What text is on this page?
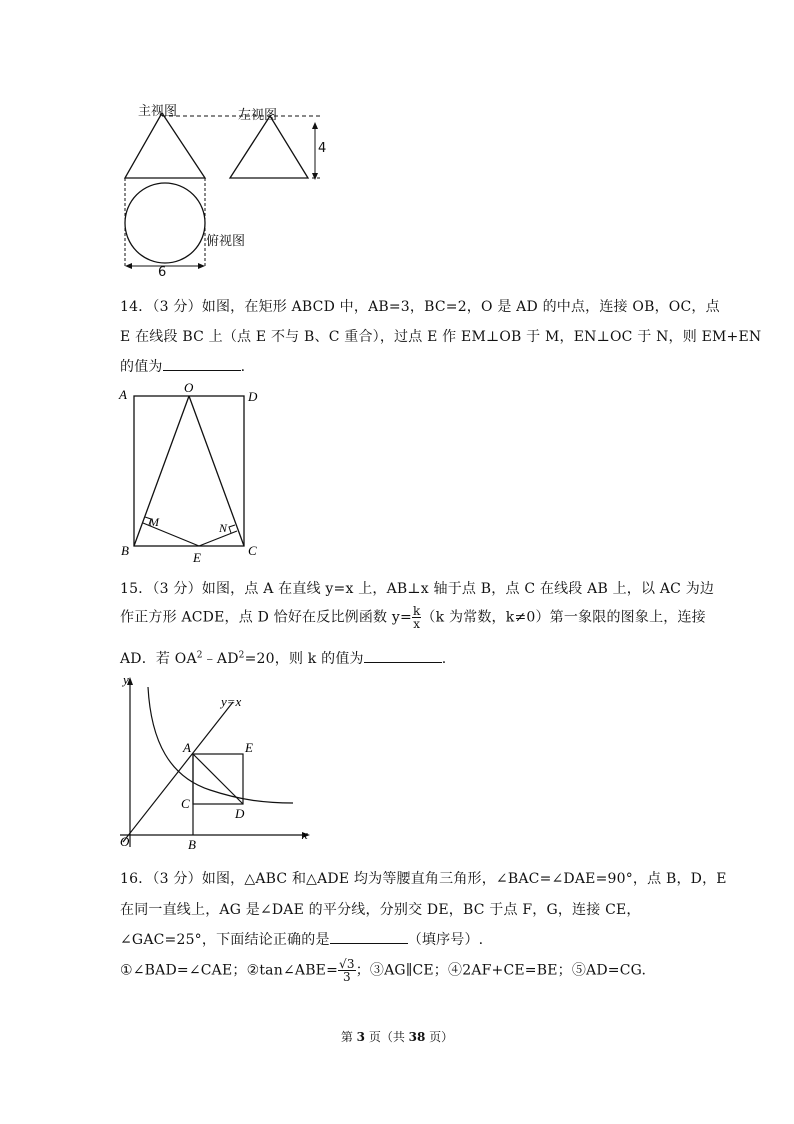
主视图	左视图
俯视图
4
6
14．（3 分）如图，在矩形 ABCD 中，AB=3，BC=2，O 是 AD 的中点，连接 OB，OC，点
E 在线段 BC 上（点 E 不与 B、C 重合），过点 E 作 EM⊥OB 于 M，EN⊥OC 于 N，则 EM+EN
的值为	.
A	O
D
M	N
B	E	C
15．（3 分）如图，点 A 在直线 y=x 上，AB⊥x 轴于点 B，点 C 在线段 AB 上，以 AC 为边
作正方形 ACDE，点 D 恰好在反比例函数 $y= \frac{k}{x} (k$ 为常数，k≠0）第一象限的图象上，连接
AD．若 $OA^2﹣AD^2=20$，则 k 的值为	.
y
y=x
A	E
C
D
O	B
x
16．（3 分）如图，△ABC 和△ADE 均为等腰直角三角形，∠BAC=∠DAE=90°，点 B，D，E
在同一直线上，AG 是∠DAE 的平分线，分别交 DE，BC 于点 F，G，连接 CE，
∠GAC=25°，下面结论正确的是	（填序号）.
①∠BAD=∠CAE；②tan∠ABE= $\frac{√3}{3}$ ；③AG∥CE；④2AF+CE=BE；⑤AD=CG.
第 3 页（共 38 页）
